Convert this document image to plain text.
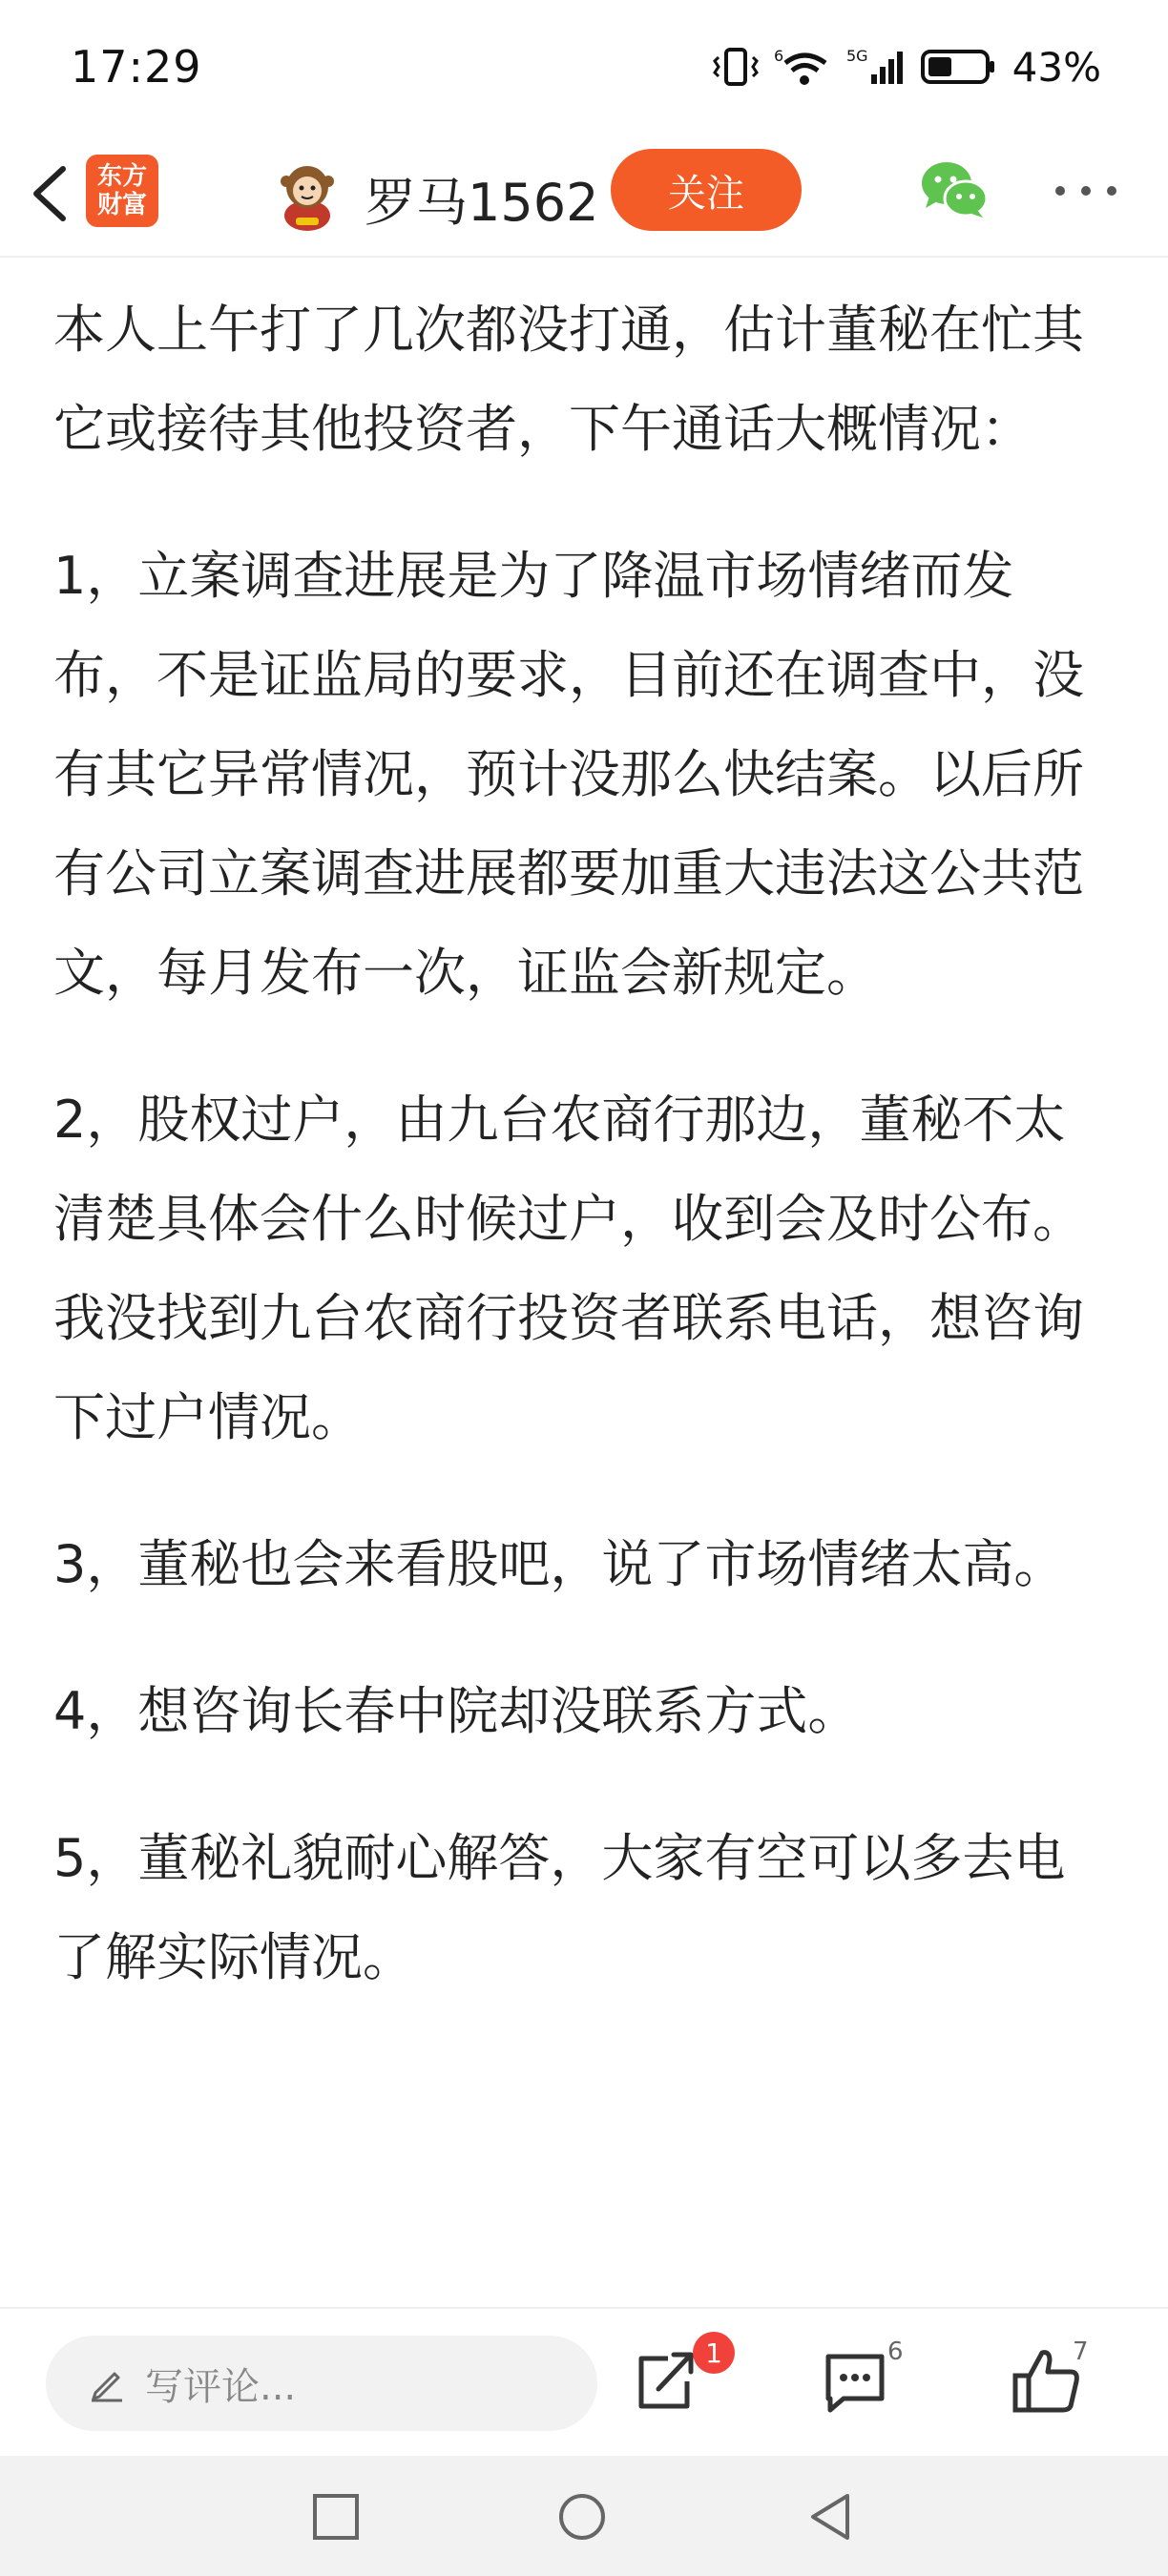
17:29	6	5G	43%
东方
财富	罗马1562	关注

本人上午打了几次都没打通，估计董秘在忙其它或接待其他投资者，下午通话大概情况：

1，立案调查进展是为了降温市场情绪而发布，不是证监局的要求，目前还在调查中，没有其它异常情况，预计没那么快结案。以后所有公司立案调查进展都要加重大违法这公共范文，每月发布一次，证监会新规定。

2，股权过户，由九台农商行那边，董秘不太清楚具体会什么时候过户，收到会及时公布。我没找到九台农商行投资者联系电话，想咨询下过户情况。

3，董秘也会来看股吧，说了市场情绪太高。

4，想咨询长春中院却没联系方式。

5，董秘礼貌耐心解答，大家有空可以多去电了解实际情况。

写评论...
1	6	7
